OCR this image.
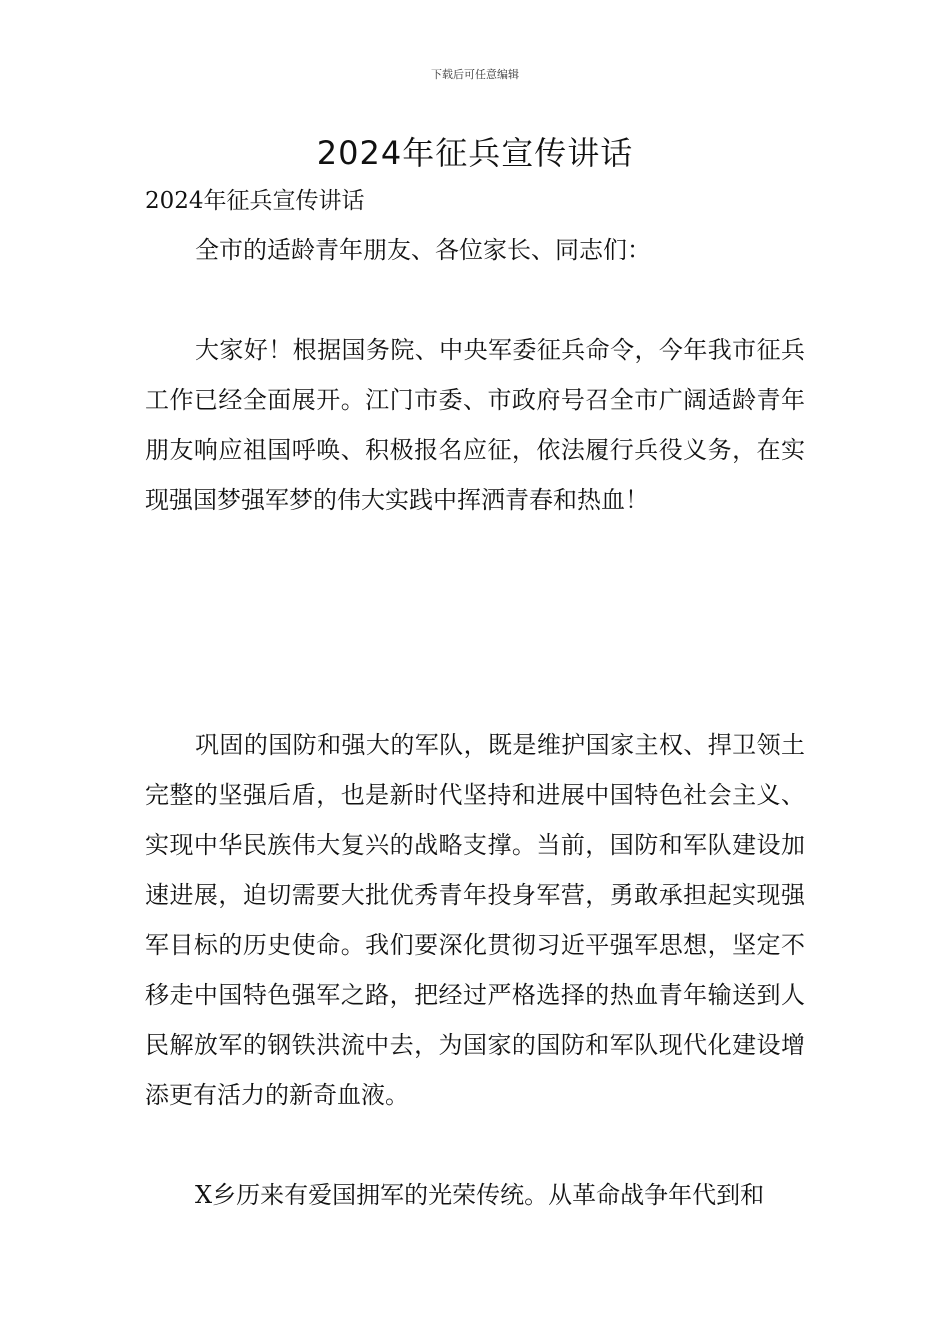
下载后可任意编辑
2024年征兵宣传讲话
2024年征兵宣传讲话

全市的适龄青年朋友、各位家长、同志们：

大家好！根据国务院、中央军委征兵命令，今年我市征兵工作已经全面展开。江门市委、市政府号召全市广阔适龄青年朋友响应祖国呼唤、积极报名应征，依法履行兵役义务，在实现强国梦强军梦的伟大实践中挥洒青春和热血！

巩固的国防和强大的军队，既是维护国家主权、捍卫领土完整的坚强后盾，也是新时代坚持和进展中国特色社会主义、实现中华民族伟大复兴的战略支撑。当前，国防和军队建设加速进展，迫切需要大批优秀青年投身军营，勇敢承担起实现强军目标的历史使命。我们要深化贯彻习近平强军思想，坚定不移走中国特色强军之路，把经过严格选择的热血青年输送到人民解放军的钢铁洪流中去，为国家的国防和军队现代化建设增添更有活力的新奇血液。

X乡历来有爱国拥军的光荣传统。从革命战争年代到和
